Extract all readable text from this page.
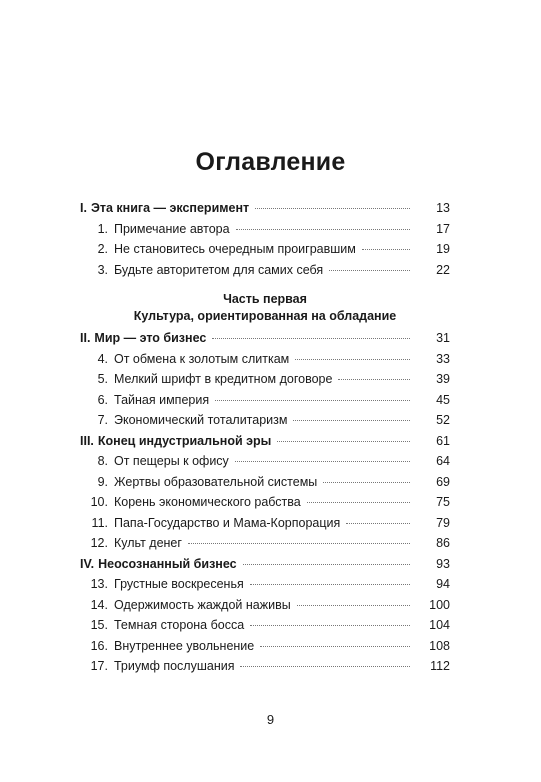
Оглавление
I. Эта книга — эксперимент	13
1. Примечание автора	17
2. Не становитесь очередным проигравшим	19
3. Будьте авторитетом для самих себя	22
Часть первая
Культура, ориентированная на обладание
II. Мир — это бизнес	31
4. От обмена к золотым слиткам	33
5. Мелкий шрифт в кредитном договоре	39
6. Тайная империя	45
7. Экономический тоталитаризм	52
III. Конец индустриальной эры	61
8. От пещеры к офису	64
9. Жертвы образовательной системы	69
10. Корень экономического рабства	75
11. Папа-Государство и Мама-Корпорация	79
12. Культ денег	86
IV. Неосознанный бизнес	93
13. Грустные воскресенья	94
14. Одержимость жаждой наживы	100
15. Темная сторона босса	104
16. Внутреннее увольнение	108
17. Триумф послушания	112
9
